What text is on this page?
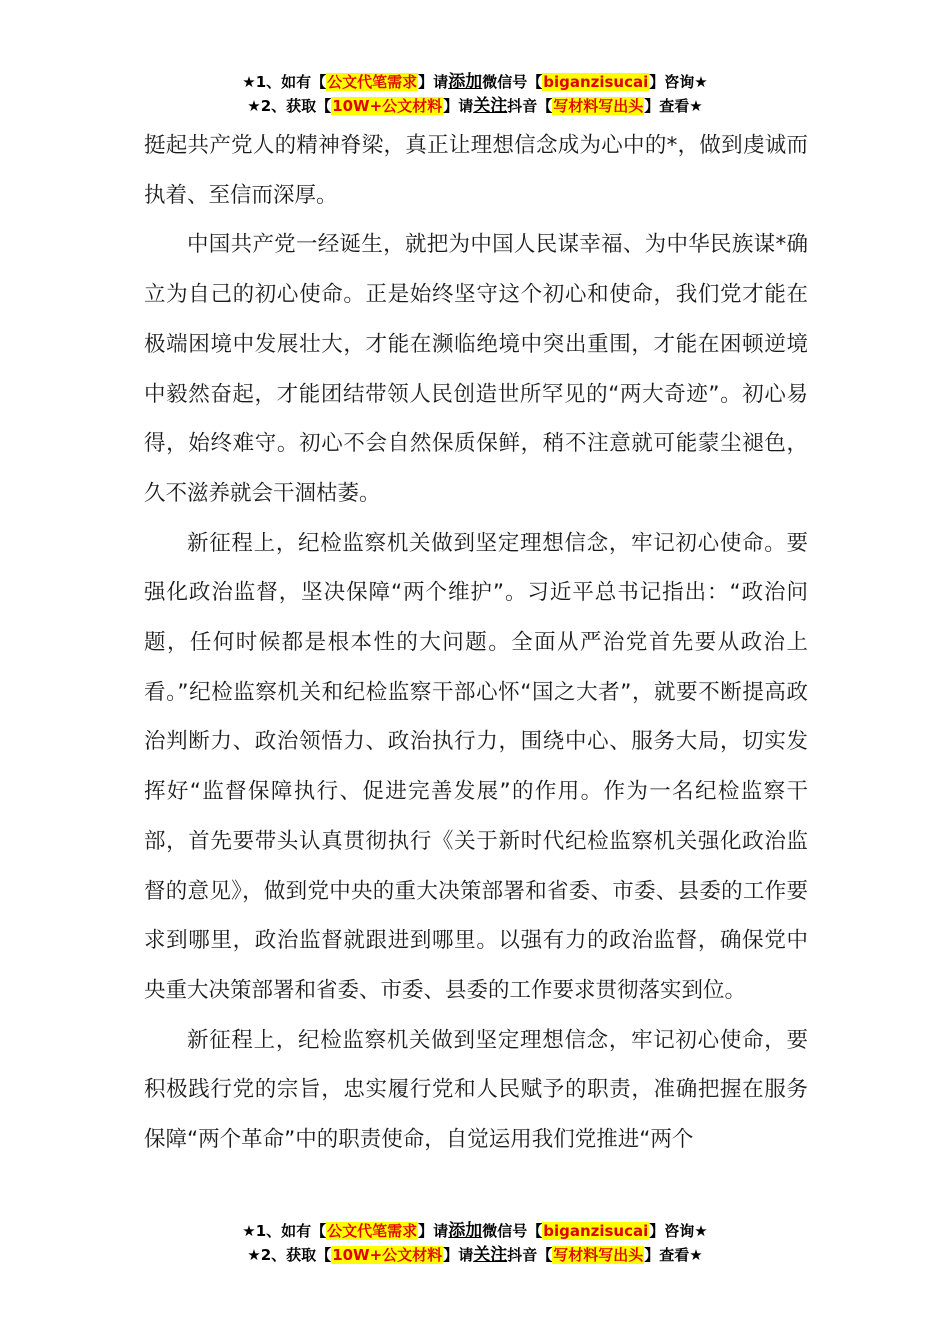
★1、如有【公文代笔需求】请添加微信号【biganzisucai】咨询★
★2、获取【10W+公文材料】请关注抖音【写材料写出头】查看★

挺起共产党人的精神脊梁，真正让理想信念成为心中的*，做到虔诚而执着、至信而深厚。

中国共产党一经诞生，就把为中国人民谋幸福、为中华民族谋*确立为自己的初心使命。正是始终坚守这个初心和使命，我们党才能在极端困境中发展壮大，才能在濒临绝境中突出重围，才能在困顿逆境中毅然奋起，才能团结带领人民创造世所罕见的“两大奇迹”。初心易得，始终难守。初心不会自然保质保鲜，稍不注意就可能蒙尘褪色，久不滋养就会干涸枯萎。

新征程上，纪检监察机关做到坚定理想信念，牢记初心使命。要强化政治监督，坚决保障“两个维护”。习近平总书记指出：“政治问题，任何时候都是根本性的大问题。全面从严治党首先要从政治上看。”纪检监察机关和纪检监察干部心怀“国之大者”，就要不断提高政治判断力、政治领悟力、政治执行力，围绕中心、服务大局，切实发挥好“监督保障执行、促进完善发展”的作用。作为一名纪检监察干部，首先要带头认真贯彻执行《关于新时代纪检监察机关强化政治监督的意见》，做到党中央的重大决策部署和省委、市委、县委的工作要求到哪里，政治监督就跟进到哪里。以强有力的政治监督，确保党中央重大决策部署和省委、市委、县委的工作要求贯彻落实到位。

新征程上，纪检监察机关做到坚定理想信念，牢记初心使命，要积极践行党的宗旨，忠实履行党和人民赋予的职责，准确把握在服务保障“两个革命”中的职责使命，自觉运用我们党推进“两个

★1、如有【公文代笔需求】请添加微信号【biganzisucai】咨询★
★2、获取【10W+公文材料】请关注抖音【写材料写出头】查看★
